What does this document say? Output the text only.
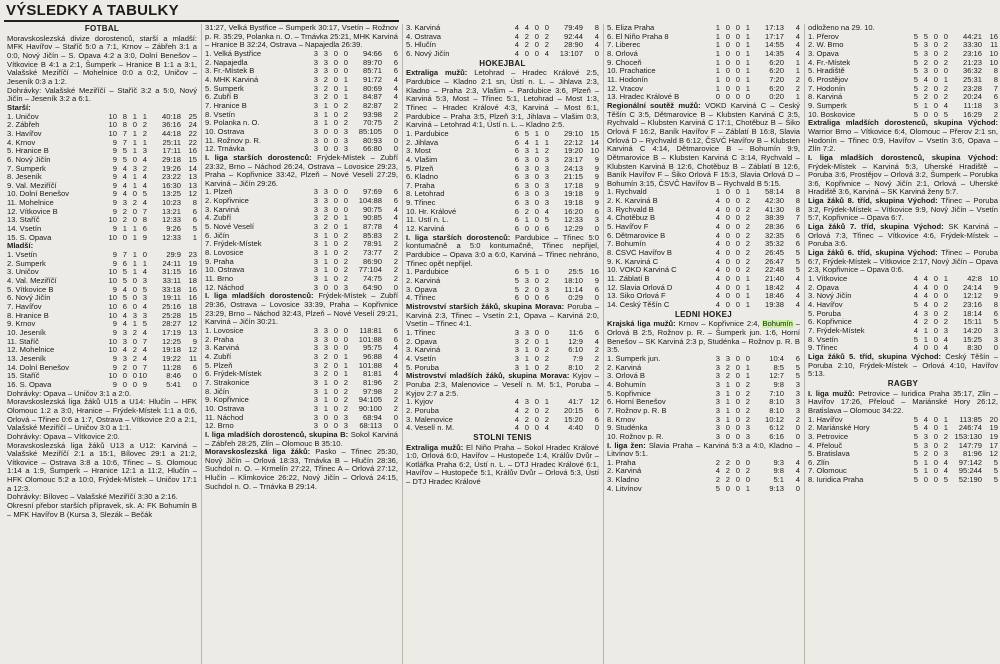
VÝSLEDKY A TABULKY
FOTBAL
Moravskoslezská divize dorostenců, starší a mladší: MFK Havířov – Staříč 5:0 a 7:1, Krnov – Zábřeh 3:1 a 0:0, Nový Jičín – S. Opava 4:2 a 3:0, Dolní Benešov – Vítkovice B 4:1 a 2:1, Šumperk – Hranice B 1:1 a 3:1, Valašské Meziříčí – Mohelnice 0:0 a 0:2, Uničov – Jeseník 0:3 a 1:2.
Dohrávky: Valašské Meziříčí – Staříč 3:2 a 5:0, Nový Jičín – Jeseník 3:2 a 6:1.
Starší:
1. Uničov	10 8 1 1	40:18 25
2. Zábřeh	10 8 0 2	36:16 24
3. Havířov	10 7 1 2	44:18 22
4. Krnov	9 7 1 1	25:11 22
5. Hranice B	9 5 1 3	17:11 16
6. Nový Jičín	9 5 0 4	29:18 15
7. Šumperk	9 4 3 2	19:26 14
8. Jeseník	9 4 1 4	23:22 13
9. Val. Meziříčí	9 4 1 4	16:30 13
10. Dolní Benešov	9 4 0 5	13:25 12
11. Mohelnice	9 3 2 4	10:23	8
12. Vítkovice B	9 2 0 7	13:21	6
13. Staříč	10 2 0 8	12:33	6
14. Vsetín	9 1 1 6	9:26	5
15. S. Opava	10 0 1 9	12:33	1
Mladší:
1. Vsetín	9 7 1 0	29:9 23
2. Šumperk	9 6 1 1	24:11 19
3. Uničov	10 5 1 4	31:15 16
4. Val. Meziříčí	10 5 0 3	33:11 18
5. Vítkovice B	9 4 0 5	33:18 16
6. Nový Jičín	10 5 0 3	19:11 16
7. Havířov	10 6 0 4	25:16 18
8. Hranice B	10 4 3 3	25:28 15
9. Krnov	9 4 1 5	28:27 12
10. Jeseník	9 3 2 4	17:19 13
11. Staříč	10 3 0 7	12:25	9
12. Mohelnice	10 4 2 4	19:18 12
13. Jeseník	9 3 2 4	19:22	11
14. Dolní Benešov	9 2 0 7	11:28	6
15. Staříč	10 0 0 10	8:46	0
16. S. Opava	9 0 0 9	5:41	0
Dohrávky: Opava – Uničov 3:1 a 2:0.
Moravskoslezská liga žáků U15 a U14: Hlučín – HFK Olomouc 1:2 a 3:0, Hranice – Frýdek-Místek 1:1 a 0:6, Orlová – Třinec 0:6 a 1:7, Ostrava – Vítkovice 2:0 a 2:1, Valašské Meziříčí – Uničov 3:0 a 1:1.
Dohrávky: Opava – Vítkovice 2:0.
Moravskoslezská liga žáků U13 a U12: Karviná – Valašské Meziříčí 2:1 a 15:1, Bílovec 29:1 a 21:2, Vítkovice – Ostrava 3:8 a 10:6, Třinec – S. Olomouc 1:14 a 1:9, Šumperk – Hranice 12:1 a 11:2, Hlučín – HFK Olomouc 5:2 a 10:0, Frýdek-Místek – Uničov 17:1 a 12:3.
Dohrávky: Bílovec – Valašské Meziříčí 3:30 a 2:16.
Okresní přebor starších přípravek, sk. A: FK Bohumín B – MFK Havířov B (Kursa 3, Slezák – Bečák
31:27, Velká Bystřice – Šumperk 30:17, Vsetín – Rožnov p. R. 35:29, Polanka n. O. – Trnávka 25:21, MHK Karviná – Hranice B 32:24, Ostrava – Napajedla 26:39.
1. Velká Bystřice	3 3 0 0	94:66	6
2. Napajedla	3 3 0 0	89:70	6
3. Fr.-Místek B	3 3 0 0	85:71	6
4. MHK Karviná	3 2 0 1	91:72	4
5. Šumperk	3 2 0 1	80:69	4
6. Zubří B	3 2 0 1	84:87	4
7. Hranice B	3 1 0 2	82:87	2
8. Vsetín	3 1 0 2	93:98	2
9. Polanka n. O.	3 1 0 2	70:75	2
10. Ostrava	3 0 0 3	85:105	0
11. Rožnov p. R.	3 0 0 3	80:93	0
12. Trnávka	3 0 0 3	66:80	0
I. liga starších dorostenců: Frýdek-Místek – Zubří 23:32, Brno – Náchod 26:24, Ostrava – Lovosice 29:23, Praha – Kopřivnice 33:42, Plzeň – Nové Veselí 27:29, Karviná – Jičín 29:26.
1. Plzeň	3 3 0 0	97:69	6
2. Kopřivnice	3 3 0 0	104:88	6
3. Karviná	3 3 0 0	90:75	4
4. Zubří	3 2 0 1	90:85	4
5. Nové Veselí	3 2 0 1	87:78	4
6. Jičín	3 1 0 2	85:83	2
7. Frýdek-Místek	3 1 0 2	78:91	2
8. Lovosice	3 1 0 2	73:77	2
9. Praha	3 1 0 2	86:90	2
10. Ostrava	3 1 0 2	77:104	2
11. Brno	3 1 0 2	74:75	2
12. Náchod	3 0 0 3	64:90	0
I. liga mladších dorostenců: Frýdek-Místek – Zubří 29:36, Ostrava – Lovosice 33:39, Praha – Kopřivnice 23:29, Brno – Náchod 32:43, Plzeň – Nové Veselí 29:21, Karviná – Jičín 30:21.
1. Lovosice	3 3 0 0	118:81	6
2. Praha	3 3 0 0	101:88	6
3. Karviná	3 3 0 0	95:75	4
4. Zubří	3 2 0 1	96:88	4
5. Plzeň	3 2 0 1	101:88	4
6. Frýdek-Místek	3 2 0 1	81:81	4
7. Strakonice	3 1 0 2	81:96	2
8. Jičín	3 1 0 2	97:98	2
9. Kopřivnice	3 1 0 2	94:105	2
10. Ostrava	3 1 0 2	90:100	2
11. Náchod	3 0 0 3	68:94	0
12. Brno	3 0 0 3	68:113	0
I. liga mladších dorostenců, skupina B: Sokol Karviná – Zábřeh 28:25, Zlín – Olomouc B 35:10.
Moravskoslezská liga žáků: Pasko – Třinec 25:30, Nový Jičín – Orlová 18:33, Trnávka B – Hlučín 28:36, Suchdol n. O. – Krmelín 27:22, Třinec A – Orlová 27:12, Hlučín – Klimkovice 26:22, Nový Jičín – Orlová 24:15, Suchdol n. O. – Trnávka B 29:14.
3. Karviná	4 4 0 0	79:49	8
4. Ostrava	4 2 0 2	92:44	4
5. Hlučín	4 2 0 2	28:90	4
6. Nový Jičín	4 0 0 4	13:107	0
HOKEJBAL
Extraliga mužů: Letohrad – Hradec Králové 2:5, Pardubice – Kladno 2:1 sn, Ústí n. L. – Jihlava 2:3, Kladno – Praha 2:3, Vlašim – Pardubice 3:6, Plzeň – Karviná 5:3, Most – Třinec 5:1, Letohrad – Most 1:3, Třinec – Hradec Králové 4:3, Karviná – Most 6:1, Pardubice – Praha 3:5, Plzeň 3:1, Jihlava – Vlašim 0:3, Karviná – Letohrad 4:1, Ústí n. L. – Kladno 2:5.
1. Pardubice	6 5 1 0	29:10 15
2. Jihlava	6 4 1 1	22:12 14
3. Most	6 3 1 2	19:20 10
4. Vlašim	6 3 0 3	23:17	9
5. Plzeň	6 3 0 3	24:13	9
6. Kladno	6 3 0 3	21:15	9
7. Praha	6 3 0 3	17:18	9
8. Letohrad	6 3 0 3	19:18	9
9. Třinec	6 3 0 3	19:18	9
10. Hr. Králové	6 2 0 4	16:20	6
11. Ústí n. L.	6 1 0 5	12:33	3
12. Karviná	6 0 0 6	12:29	0
I. liga starších dorostenců: Pardubice – Třinec 5:0 kontumačně a 5:0 kontumačně, Třinec nepřijel, Pardubice – Opava 3:0 a 6:0, Karviná – Třinec nehráno, Třinec opět nepřijel.
1. Pardubice	6 5 1 0	25:5 16
2. Karviná	5 3 0 2	18:10	9
3. Opava	5 2 0 3	11:14	6
4. Třinec	6 0 0 6	0:29	0
Mistrovství starších žáků, skupina Morava: Poruba – Karviná 2:3, Třinec – Vsetín 2:1, Opava – Karviná 2:0, Vsetín – Třinec 4:1.
1. Třinec	3 3 0 0	11:6	6
2. Opava	3 2 0 1	12:9	4
3. Karviná	3 1 0 2	6:10	2
4. Vsetín	3 1 0 2	7:9	2
5. Poruba	3 1 0 2	8:10	2
Mistrovství mladších žáků, skupina Morava: Kyjov – Poruba 2:3, Malenovice – Veselí n. M. 5:1, Poruba – Kyjov 2:7 a 2:5.
1. Kyjov	4 3 0 1	41:7 12
2. Poruba	4 2 0 2	20:15	6
3. Malenovice	4 2 0 2	15:20	6
4. Veselí n. M.	4 0 0 4	4:40	0
STOLNÍ TENIS
Extraliga mužů: El Niño Praha – Sokol Hradec Králové 1:0, Orlová 6:0, Havířov – Hustopeče 1:4, Králův Dvůr – Kotlářka Praha 6:2, Ústí n. L. – DTJ Hradec Králové 6:1, Havířov – Hustopeče 5:1, Králův Dvůr – Orlová 5:3, Ústí – DTJ Hradec Králové
5. Eliza Praha	1 0 0 1	17:13	4
6. El Niño Praha 8	1 0 0 1	17:17	4
7. Liberec	1 0 0 1	14:55	4
8. Orlová	1 0 0 1	14:35	4
9. Choceň	1 0 0 1	6:20	1
10. Prachatice	1 0 0 1	6:20	1
11. Hodonín	1 0 0 1	7:20	2
12. Vracov	1 0 0 1	6:20	2
13. Hradec Králové B	0 0 0 0	0:20	1
Regionální soutěž mužů: VOKD Karviná C – Český Těšín C 3:5, Dětmarovice B – Klubsten Karviná C 3:5, Rychvald – Klubsten Karviná C 17:1, Chotěbuz B – Šiko Orlová F 16:2, Baník Havířov F – Záblatí B 16:8, Slavia Orlová D – Rychvald B 6:12, ČSVČ Havířov B – Klubsten Karviná C 4:14, Dětmarovice B – Bohumín 9:9, Dětmarovice B – Klubsten Karviná C 3:14, Rychvald – Klubsten Karviná B 12:6, Chotěbuz B – Záblatí B 12:6, Baník Havířov F – Šiko Orlová F 15:3, Slavia Orlová D – Bohumín 3:15, ČSVČ Havířov B – Rychvald B 5:15.
1. Rychvald	1 0 0 1	58:14	8
2. K. Karviná B	4 0 0 2	42:30	8
3. Rychvald B	4 0 0 2	41:30	8
4. Chotěbuz B	4 0 0 2	38:39	7
5. Havířov F	4 0 0 2	28:36	6
6. Dětmarovice B	4 0 0 2	32:35	6
7. Bohumín	4 0 0 2	35:32	6
8. ČSVČ Havířov B	4 0 0 2	26:45	5
9. K. Karviná C	4 0 0 2	26:47	5
10. VOKD Karviná C	4 0 0 2	22:48	5
11. Záblatí B	4 0 0 1	21:40	4
12. Slavia Orlová D	4 0 0 1	18:42	4
13. Šiko Orlová F	4 0 0 1	18:46	4
14. Český Těšín C	4 0 0 1	19:38	4
LEDNÍ HOKEJ
Krajská liga mužů: Krnov – Kopřivnice 2:4, Bohumín – Orlová B 2:5, Rožnov p. R. – Šumperk jun. 1:6, Horní Benešov – SK Karviná 2:3 p, Studénka – Rožnov p. R. B 3:5.
1. Šumperk jun.	3 3 0 0	10:4	6
2. Karviná	3 2 0 1	8:5	5
3. Orlová B	3 2 0 1	12:7	5
4. Bohumín	3 1 0 2	9:8	3
5. Kopřivnice	3 1 0 2	7:10	3
6. Horní Benešov	3 1 0 2	8:10	3
7. Rožnov p. R. B	3 1 0 2	8:10	3
8. Krnov	3 1 0 2	10:12	2
9. Studénka	3 0 0 3	6:12	0
10. Rožnov p. R.	3 0 0 3	6:16	0
I. liga žen: Slavia Praha – Karviná 5:3 a 4:0, Kladno – Litvínov 5:1.
1. Praha	2 2 0 0	9:3	4
2. Karviná	4 2 0 2	9:8	4
3. Kladno	2 2 0 0	5:1	4
4. Litvínov	5 0 0 1	9:13	0
odloženo na 29. 10.
1. Přerov	5 5 0 0	44:21 16
2. W. Brno	5 3 0 2	33:30	11
3. Opava	5 3 0 2	23:16 10
4. Fr.-Místek	5 2 0 2	21:23 10
5. Hradiště	5 3 0 0	36:32	8
6. Prostějov	5 4 0 1	25:31	8
7. Hodonín	5 2 0 2	23:28	7
8. Karviná	5 2 0 2	20:24	6
9. Šumperk	5 1 0 4	11:18	3
10. Boskovice	5 0 0 5	16:29	2
Extraliga mladších dorostenců, skupina Východ: Warrior Brno – Vítkovice 6:4, Olomouc – Přerov 2:1 sn, Hodonín – Třinec 0:9, Havířov – Vsetín 3:6, Opava – Zlín 7:2.
I. liga mladších dorostenců, skupina Východ: Frýdek-Místek – Karviná 5:3, Uherské Hradiště – Poruba 3:6, Prostějov – Orlová 3:2, Šumperk – Porubka 3:6, Kopřivnice – Nový Jičín 2:1, Orlová – Uherské Hradiště 3:6, Karviná – SK Karviná ženy 5:7.
Liga žáků 8. tříd, skupina Východ: Třinec – Poruba 3:2, Frýdek-Místek – Vítkovice 9:9, Nový Jičín – Vsetín 5:7, Kopřivnice – Opava 6:7.
Liga žáků 7. tříd, skupina Východ: SK Karviná – Orlová 7:3, Třinec – Vítkovice 4:6, Frýdek-Místek – Poruba 3:6.
Liga žáků 6. tříd, skupina Východ: Třinec – Poruba 6:7, Frýdek-Místek – Vítkovice 2:17, Nový Jičín – Opava 2:3, Kopřivnice – Opava 0:6.
1. Vítkovice	4 4 0 1	42:8 10
2. Opava	4 4 0 0	24:14	9
3. Nový Jičín	4 4 0 0	12:12	9
4. Havířov	5 4 0 2	23:16	8
5. Poruba	4 3 0 2	18:14	6
6. Kopřivnice	4 2 0 2	15:11	5
7. Frýdek-Místek	4 1 0 3	14:20	3
8. Vsetín	5 1 0 4	15:25	3
9. Třinec	4 0 0 4	8:30	0
Liga žáků 5. tříd, skupina Východ: Český Těšín – Poruba 2:10, Frýdek-Místek – Orlová 4:10, Havířov 5:13.
RAGBY
I. liga mužů: Petrovice – Iuridica Praha 35:17, Zlín – Havířov 17:26, Přelouč – Mariánské Hory 26:12, Bratislava – Olomouc 34:22.
1. Havířov	5 4 0 1	113:85 20
2. Mariánské Hory	5 4 0 1	246:74 19
3. Petrovice	5 3 0 2 153:130 19
4. Přelouč	5 3 0 2	147:79 17
5. Bratislava	5 2 0 3	81:96 12
6. Zlín	5 1 0 4	97:142	5
7. Olomouc	5 1 0 4	95:244	5
8. Iuridica Praha	5 0 0 5	52:190	5
